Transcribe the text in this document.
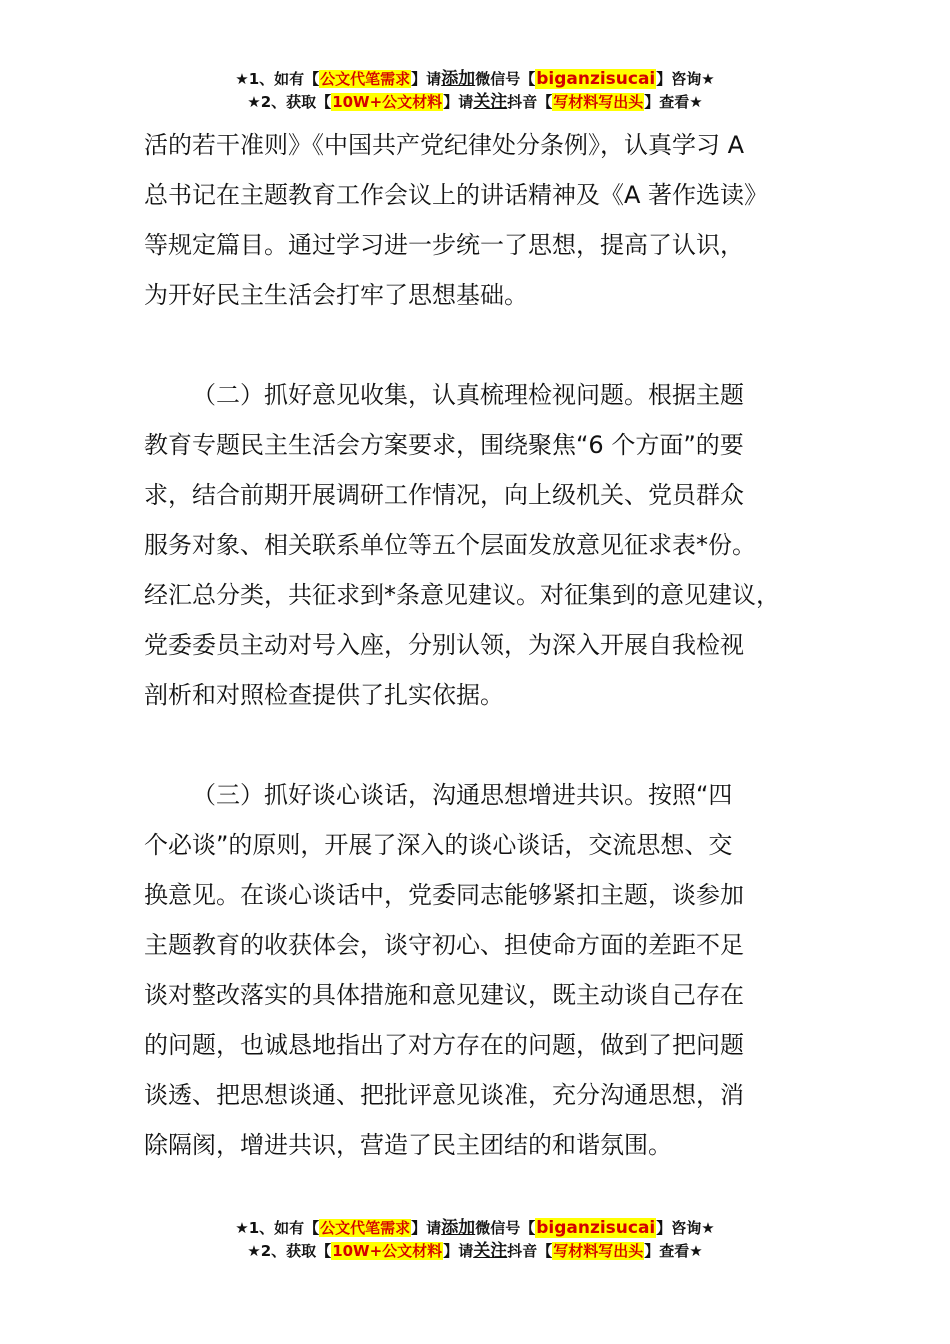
★1、如有【公文代笔需求】请添加微信号【biganzisucai】咨询★
★2、获取【10W+公文材料】请关注抖音【写材料写出头】查看★
活的若干准则》《中国共产党纪律处分条例》，认真学习 A
总书记在主题教育工作会议上的讲话精神及《A 著作选读》
等规定篇目。通过学习进一步统一了思想，提高了认识，
为开好民主生活会打牢了思想基础。
（二）抓好意见收集，认真梳理检视问题。根据主题
教育专题民主生活会方案要求，围绕聚焦“6 个方面”的要
求，结合前期开展调研工作情况，向上级机关、党员群众
服务对象、相关联系单位等五个层面发放意见征求表*份。
经汇总分类，共征求到*条意见建议。对征集到的意见建议，
党委委员主动对号入座，分别认领，为深入开展自我检视
剖析和对照检查提供了扎实依据。
（三）抓好谈心谈话，沟通思想增进共识。按照“四
个必谈”的原则，开展了深入的谈心谈话，交流思想、交
换意见。在谈心谈话中，党委同志能够紧扣主题，谈参加
主题教育的收获体会，谈守初心、担使命方面的差距不足
谈对整改落实的具体措施和意见建议，既主动谈自己存在
的问题，也诚恳地指出了对方存在的问题，做到了把问题
谈透、把思想谈通、把批评意见谈准，充分沟通思想，消
除隔阂，增进共识，营造了民主团结的和谐氛围。
★1、如有【公文代笔需求】请添加微信号【biganzisucai】咨询★
★2、获取【10W+公文材料】请关注抖音【写材料写出头】查看★
